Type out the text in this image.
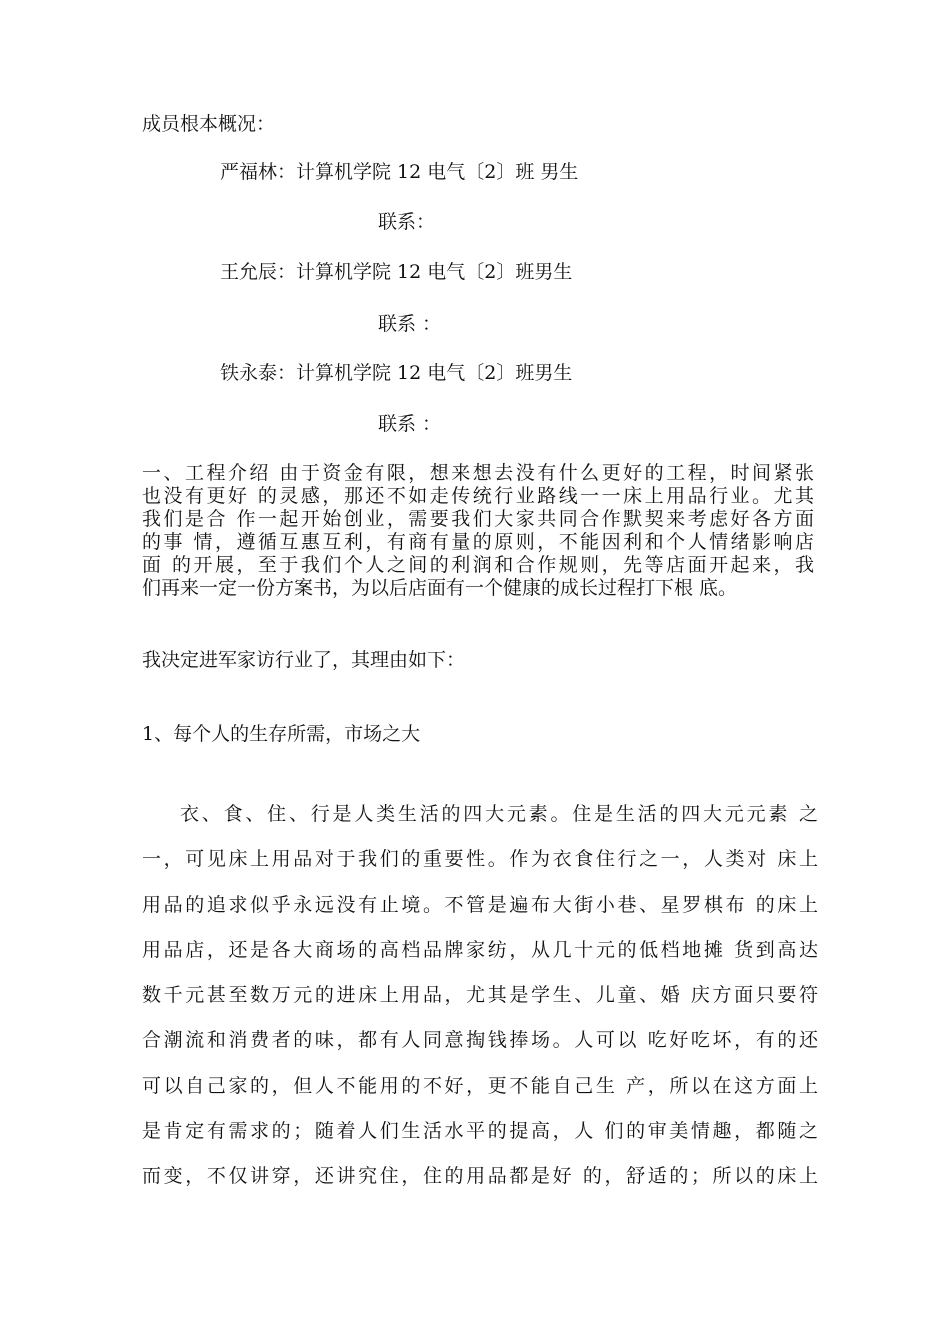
成员根本概况：
严福林：计算机学院 12 电气〔2〕班 男生
联系：
王允辰：计算机学院 12 电气〔2〕班男生
联系 ：
铁永泰：计算机学院 12 电气〔2〕班男生
联系 ：
一、工程介绍 由于资金有限，想来想去没有什么更好的工程，时间紧张
也没有更好 的灵感，那还不如走传统行业路线一一床上用品行业。尤其
我们是合 作一起开始创业，需要我们大家共同合作默契来考虑好各方面
的事 情，遵循互惠互利，有商有量的原则，不能因利和个人情绪影响店
面 的开展，至于我们个人之间的利润和合作规则，先等店面开起来，我
们再来一定一份方案书，为以后店面有一个健康的成长过程打下根 底。
我决定进军家访行业了，其理由如下：
1、每个人的生存所需，市场之大
衣、食、住、行是人类生活的四大元素。住是生活的四大元元素 之
一，可见床上用品对于我们的重要性。作为衣食住行之一，人类对 床上
用品的追求似乎永远没有止境。不管是遍布大街小巷、星罗棋布 的床上
用品店，还是各大商场的高档品牌家纺，从几十元的低档地摊 货到高达
数千元甚至数万元的进床上用品，尤其是学生、儿童、婚 庆方面只要符
合潮流和消费者的味，都有人同意掏钱捧场。人可以 吃好吃坏，有的还
可以自己家的，但人不能用的不好，更不能自己生 产，所以在这方面上
是肯定有需求的；随着人们生活水平的提高，人 们的审美情趣，都随之
而变，不仅讲穿，还讲究住，住的用品都是好 的，舒适的；所以的床上
